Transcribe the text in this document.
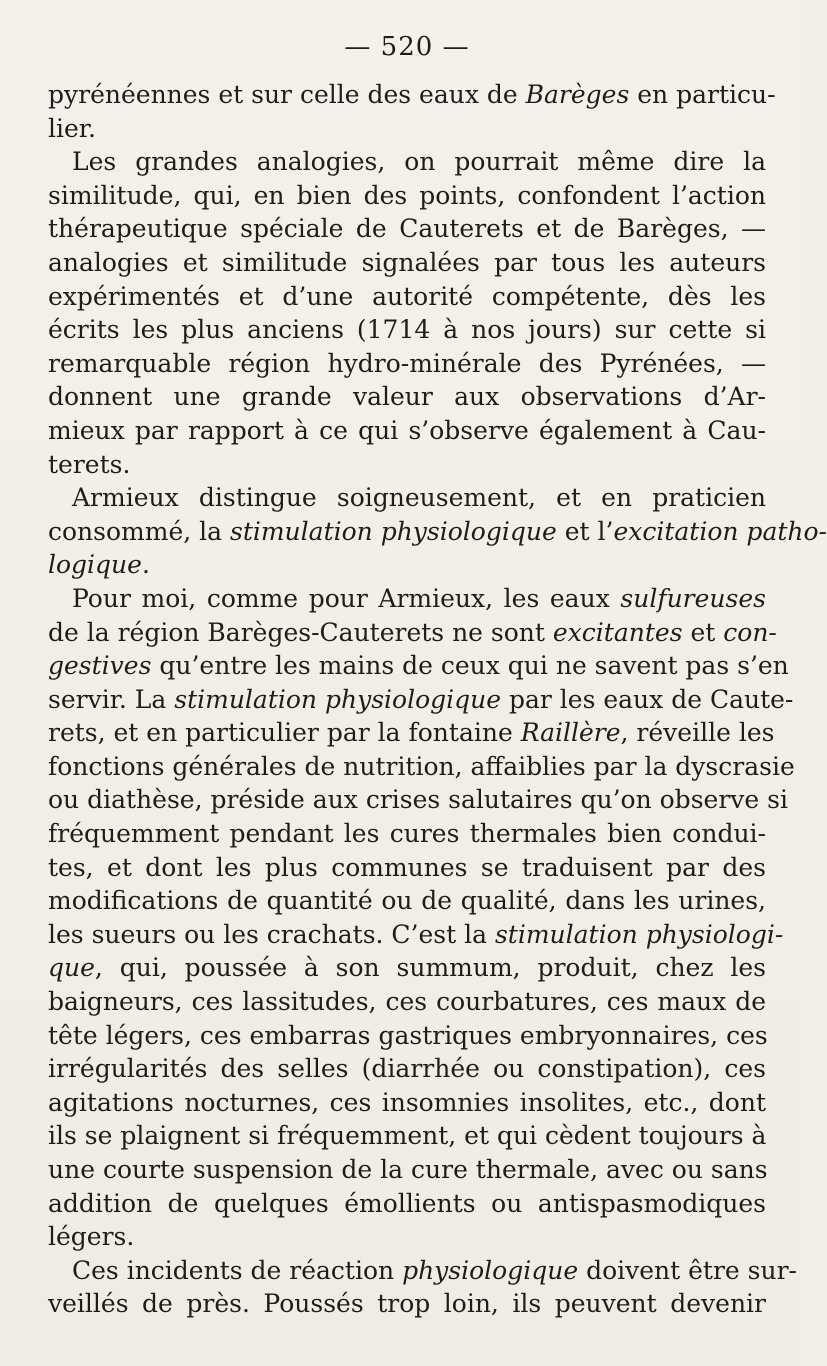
— 520 —
pyrénéennes et sur celle des eaux de Barèges en particu-
lier.
Les grandes analogies, on pourrait même dire la
similitude, qui, en bien des points, confondent l’action
thérapeutique spéciale de Cauterets et de Barèges, —
analogies et similitude signalées par tous les auteurs
expérimentés et d’une autorité compétente, dès les
écrits les plus anciens (1714 à nos jours) sur cette si
remarquable région hydro-minérale des Pyrénées, —
donnent une grande valeur aux observations d’Ar-
mieux par rapport à ce qui s’observe également à Cau-
terets.
Armieux distingue soigneusement, et en praticien
consommé, la stimulation physiologique et l’excitation patho-
logique.
Pour moi, comme pour Armieux, les eaux sulfureuses
de la région Barèges-Cauterets ne sont excitantes et con-
gestives qu’entre les mains de ceux qui ne savent pas s’en
servir. La stimulation physiologique par les eaux de Caute-
rets, et en particulier par la fontaine Raillère, réveille les
fonctions générales de nutrition, affaiblies par la dyscrasie
ou diathèse, préside aux crises salutaires qu’on observe si
fréquemment pendant les cures thermales bien condui-
tes, et dont les plus communes se traduisent par des
modifications de quantité ou de qualité, dans les urines,
les sueurs ou les crachats. C’est la stimulation physiologi-
que, qui, poussée à son summum, produit, chez les
baigneurs, ces lassitudes, ces courbatures, ces maux de
tête légers, ces embarras gastriques embryonnaires, ces
irrégularités des selles (diarrhée ou constipation), ces
agitations nocturnes, ces insomnies insolites, etc., dont
ils se plaignent si fréquemment, et qui cèdent toujours à
une courte suspension de la cure thermale, avec ou sans
addition de quelques émollients ou antispasmodiques
légers.
Ces incidents de réaction physiologique doivent être sur-
veillés de près. Poussés trop loin, ils peuvent devenir
